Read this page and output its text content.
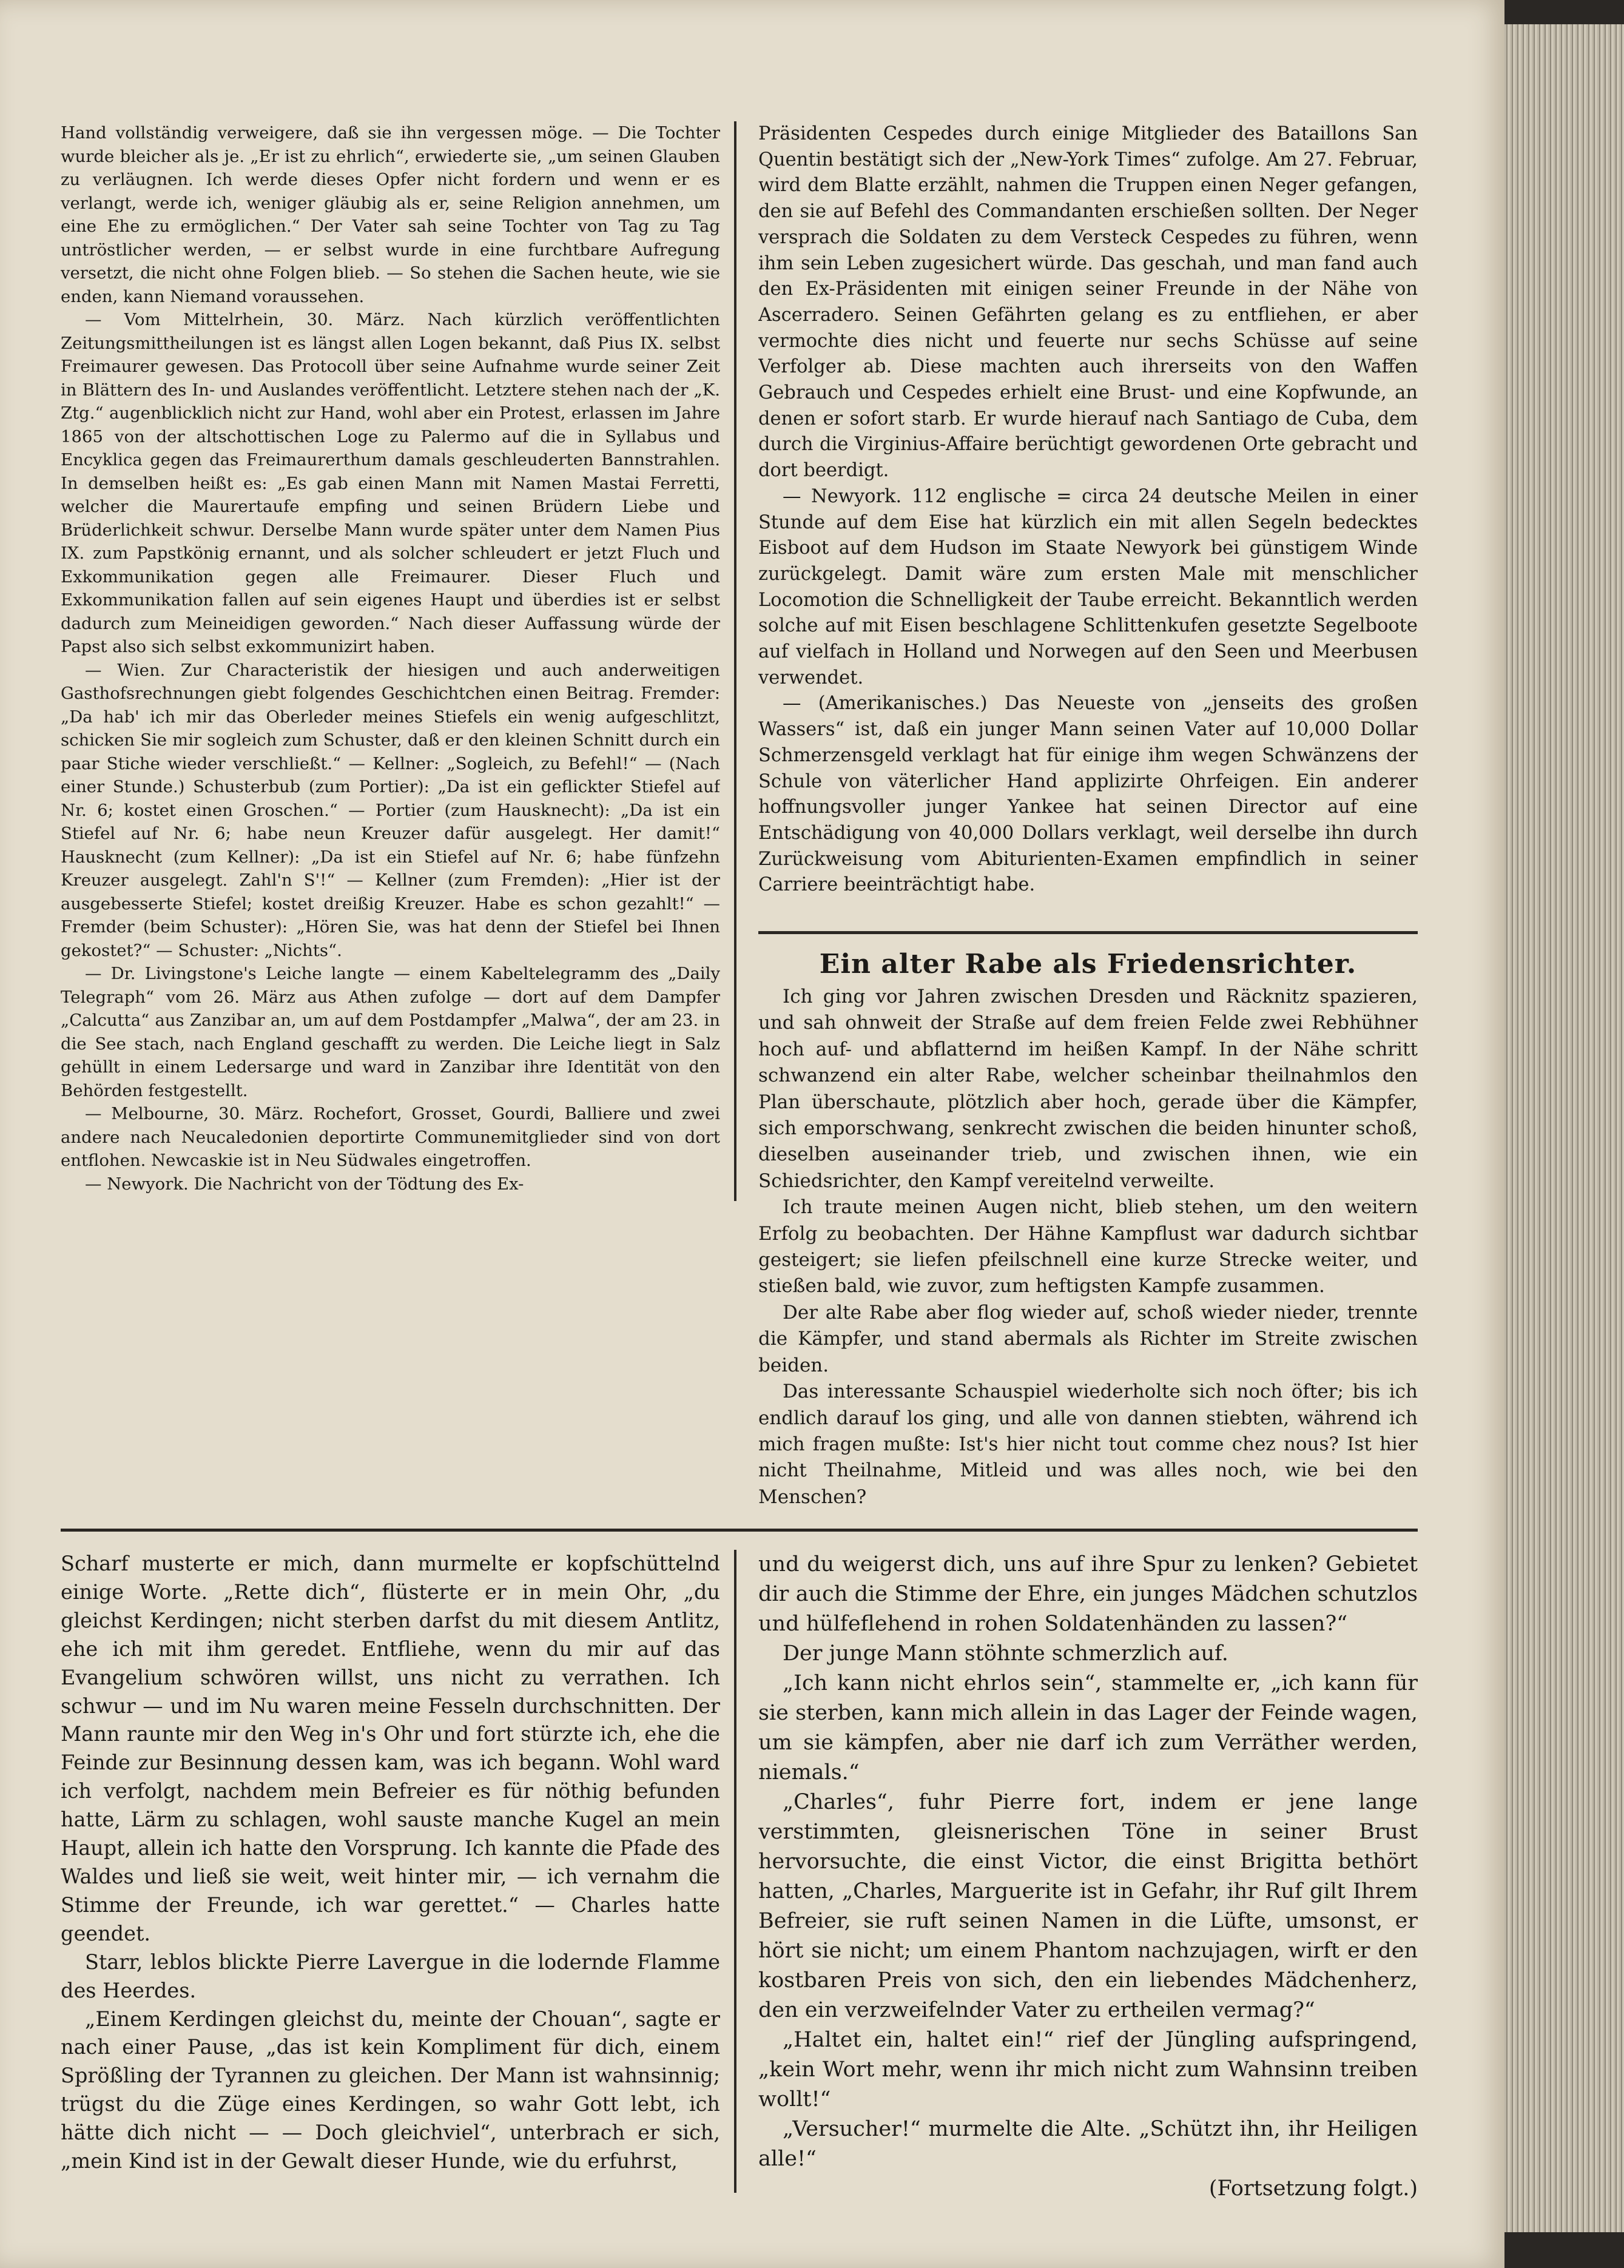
Hand vollständig verweigere, daß sie ihn vergessen möge. — Die Tochter wurde bleicher als je. „Er ist zu ehrlich“, erwiederte sie, „um seinen Glauben zu verläugnen. Ich werde dieses Opfer nicht fordern und wenn er es verlangt, werde ich, weniger gläubig als er, seine Religion annehmen, um eine Ehe zu ermöglichen.“ Der Vater sah seine Tochter von Tag zu Tag untröstlicher werden, — er selbst wurde in eine furchtbare Aufregung versetzt, die nicht ohne Folgen blieb. — So stehen die Sachen heute, wie sie enden, kann Niemand voraussehen.

— Vom Mittelrhein, 30. März. Nach kürzlich veröffentlichten Zeitungsmittheilungen ist es längst allen Logen bekannt, daß Pius IX. selbst Freimaurer gewesen. Das Protocoll über seine Aufnahme wurde seiner Zeit in Blättern des In- und Auslandes veröffentlicht. Letztere stehen nach der „K. Ztg.“ augenblicklich nicht zur Hand, wohl aber ein Protest, erlassen im Jahre 1865 von der altschottischen Loge zu Palermo auf die in Syllabus und Encyklica gegen das Freimaurerthum damals geschleuderten Bannstrahlen. In demselben heißt es: „Es gab einen Mann mit Namen Mastai Ferretti, welcher die Maurertaufe empfing und seinen Brüdern Liebe und Brüderlichkeit schwur. Derselbe Mann wurde später unter dem Namen Pius IX. zum Papstkönig ernannt, und als solcher schleudert er jetzt Fluch und Exkommunikation gegen alle Freimaurer. Dieser Fluch und Exkommunikation fallen auf sein eigenes Haupt und überdies ist er selbst dadurch zum Meineidigen geworden.“ Nach dieser Auffassung würde der Papst also sich selbst exkommunizirt haben.

— Wien. Zur Characteristik der hiesigen und auch anderweitigen Gasthofsrechnungen giebt folgendes Geschichtchen einen Beitrag. Fremder: „Da hab' ich mir das Oberleder meines Stiefels ein wenig aufgeschlitzt, schicken Sie mir sogleich zum Schuster, daß er den kleinen Schnitt durch ein paar Stiche wieder verschließt.“ — Kellner: „Sogleich, zu Befehl!“ — (Nach einer Stunde.) Schusterbub (zum Portier): „Da ist ein geflickter Stiefel auf Nr. 6; kostet einen Groschen.“ — Portier (zum Hausknecht): „Da ist ein Stiefel auf Nr. 6; habe neun Kreuzer dafür ausgelegt. Her damit!“ Hausknecht (zum Kellner): „Da ist ein Stiefel auf Nr. 6; habe fünfzehn Kreuzer ausgelegt. Zahl'n S'!“ — Kellner (zum Fremden): „Hier ist der ausgebesserte Stiefel; kostet dreißig Kreuzer. Habe es schon gezahlt!“ — Fremder (beim Schuster): „Hören Sie, was hat denn der Stiefel bei Ihnen gekostet?“ — Schuster: „Nichts“.

— Dr. Livingstone's Leiche langte — einem Kabeltelegramm des „Daily Telegraph“ vom 26. März aus Athen zufolge — dort auf dem Dampfer „Calcutta“ aus Zanzibar an, um auf dem Postdampfer „Malwa“, der am 23. in die See stach, nach England geschafft zu werden. Die Leiche liegt in Salz gehüllt in einem Ledersarge und ward in Zanzibar ihre Identität von den Behörden festgestellt.

— Melbourne, 30. März. Rochefort, Grosset, Gourdi, Balliere und zwei andere nach Neucaledonien deportirte Communemitglieder sind von dort entflohen. Newcaskie ist in Neu Südwales eingetroffen.

— Newyork. Die Nachricht von der Tödtung des Ex-

Präsidenten Cespedes durch einige Mitglieder des Bataillons San Quentin bestätigt sich der „New-York Times“ zufolge. Am 27. Februar, wird dem Blatte erzählt, nahmen die Truppen einen Neger gefangen, den sie auf Befehl des Commandanten erschießen sollten. Der Neger versprach die Soldaten zu dem Versteck Cespedes zu führen, wenn ihm sein Leben zugesichert würde. Das geschah, und man fand auch den Ex-Präsidenten mit einigen seiner Freunde in der Nähe von Ascerradero. Seinen Gefährten gelang es zu entfliehen, er aber vermochte dies nicht und feuerte nur sechs Schüsse auf seine Verfolger ab. Diese machten auch ihrerseits von den Waffen Gebrauch und Cespedes erhielt eine Brust- und eine Kopfwunde, an denen er sofort starb. Er wurde hierauf nach Santiago de Cuba, dem durch die Virginius-Affaire berüchtigt gewordenen Orte gebracht und dort beerdigt.

— Newyork. 112 englische = circa 24 deutsche Meilen in einer Stunde auf dem Eise hat kürzlich ein mit allen Segeln bedecktes Eisboot auf dem Hudson im Staate Newyork bei günstigem Winde zurückgelegt. Damit wäre zum ersten Male mit menschlicher Locomotion die Schnelligkeit der Taube erreicht. Bekanntlich werden solche auf mit Eisen beschlagene Schlittenkufen gesetzte Segelboote auf vielfach in Holland und Norwegen auf den Seen und Meerbusen verwendet.

— (Amerikanisches.) Das Neueste von „jenseits des großen Wassers“ ist, daß ein junger Mann seinen Vater auf 10,000 Dollar Schmerzensgeld verklagt hat für einige ihm wegen Schwänzens der Schule von väterlicher Hand applizirte Ohrfeigen. Ein anderer hoffnungsvoller junger Yankee hat seinen Director auf eine Entschädigung von 40,000 Dollars verklagt, weil derselbe ihn durch Zurückweisung vom Abiturienten-Examen empfindlich in seiner Carriere beeinträchtigt habe.

Ein alter Rabe als Friedensrichter.

Ich ging vor Jahren zwischen Dresden und Räcknitz spazieren, und sah ohnweit der Straße auf dem freien Felde zwei Rebhühner hoch auf- und abflatternd im heißen Kampf. In der Nähe schritt schwanzend ein alter Rabe, welcher scheinbar theilnahmlos den Plan überschaute, plötzlich aber hoch, gerade über die Kämpfer, sich emporschwang, senkrecht zwischen die beiden hinunter schoß, dieselben auseinander trieb, und zwischen ihnen, wie ein Schiedsrichter, den Kampf vereitelnd verweilte.

Ich traute meinen Augen nicht, blieb stehen, um den weitern Erfolg zu beobachten. Der Hähne Kampflust war dadurch sichtbar gesteigert; sie liefen pfeilschnell eine kurze Strecke weiter, und stießen bald, wie zuvor, zum heftigsten Kampfe zusammen.

Der alte Rabe aber flog wieder auf, schoß wieder nieder, trennte die Kämpfer, und stand abermals als Richter im Streite zwischen beiden.

Das interessante Schauspiel wiederholte sich noch öfter; bis ich endlich darauf los ging, und alle von dannen stiebten, während ich mich fragen mußte: Ist's hier nicht tout comme chez nous? Ist hier nicht Theilnahme, Mitleid und was alles noch, wie bei den Menschen?

Scharf musterte er mich, dann murmelte er kopfschüttelnd einige Worte. „Rette dich“, flüsterte er in mein Ohr, „du gleichst Kerdingen; nicht sterben darfst du mit diesem Antlitz, ehe ich mit ihm geredet. Entfliehe, wenn du mir auf das Evangelium schwören willst, uns nicht zu verrathen. Ich schwur — und im Nu waren meine Fesseln durchschnitten. Der Mann raunte mir den Weg in's Ohr und fort stürzte ich, ehe die Feinde zur Besinnung dessen kam, was ich begann. Wohl ward ich verfolgt, nachdem mein Befreier es für nöthig befunden hatte, Lärm zu schlagen, wohl sauste manche Kugel an mein Haupt, allein ich hatte den Vorsprung. Ich kannte die Pfade des Waldes und ließ sie weit, weit hinter mir, — ich vernahm die Stimme der Freunde, ich war gerettet.“ — Charles hatte geendet.

Starr, leblos blickte Pierre Lavergue in die lodernde Flamme des Heerdes.

„Einem Kerdingen gleichst du, meinte der Chouan“, sagte er nach einer Pause, „das ist kein Kompliment für dich, einem Sprößling der Tyrannen zu gleichen. Der Mann ist wahnsinnig; trügst du die Züge eines Kerdingen, so wahr Gott lebt, ich hätte dich nicht — — Doch gleichviel“, unterbrach er sich, „mein Kind ist in der Gewalt dieser Hunde, wie du erfuhrst,

und du weigerst dich, uns auf ihre Spur zu lenken? Gebietet dir auch die Stimme der Ehre, ein junges Mädchen schutzlos und hülfeflehend in rohen Soldatenhänden zu lassen?“

Der junge Mann stöhnte schmerzlich auf.

„Ich kann nicht ehrlos sein“, stammelte er, „ich kann für sie sterben, kann mich allein in das Lager der Feinde wagen, um sie kämpfen, aber nie darf ich zum Verräther werden, niemals.“

„Charles“, fuhr Pierre fort, indem er jene lange verstimmten, gleisnerischen Töne in seiner Brust hervorsuchte, die einst Victor, die einst Brigitta bethört hatten, „Charles, Marguerite ist in Gefahr, ihr Ruf gilt Ihrem Befreier, sie ruft seinen Namen in die Lüfte, umsonst, er hört sie nicht; um einem Phantom nachzujagen, wirft er den kostbaren Preis von sich, den ein liebendes Mädchenherz, den ein verzweifelnder Vater zu ertheilen vermag?“

„Haltet ein, haltet ein!“ rief der Jüngling aufspringend, „kein Wort mehr, wenn ihr mich nicht zum Wahnsinn treiben wollt!“

„Versucher!“ murmelte die Alte. „Schützt ihn, ihr Heiligen alle!“

(Fortsetzung folgt.)
